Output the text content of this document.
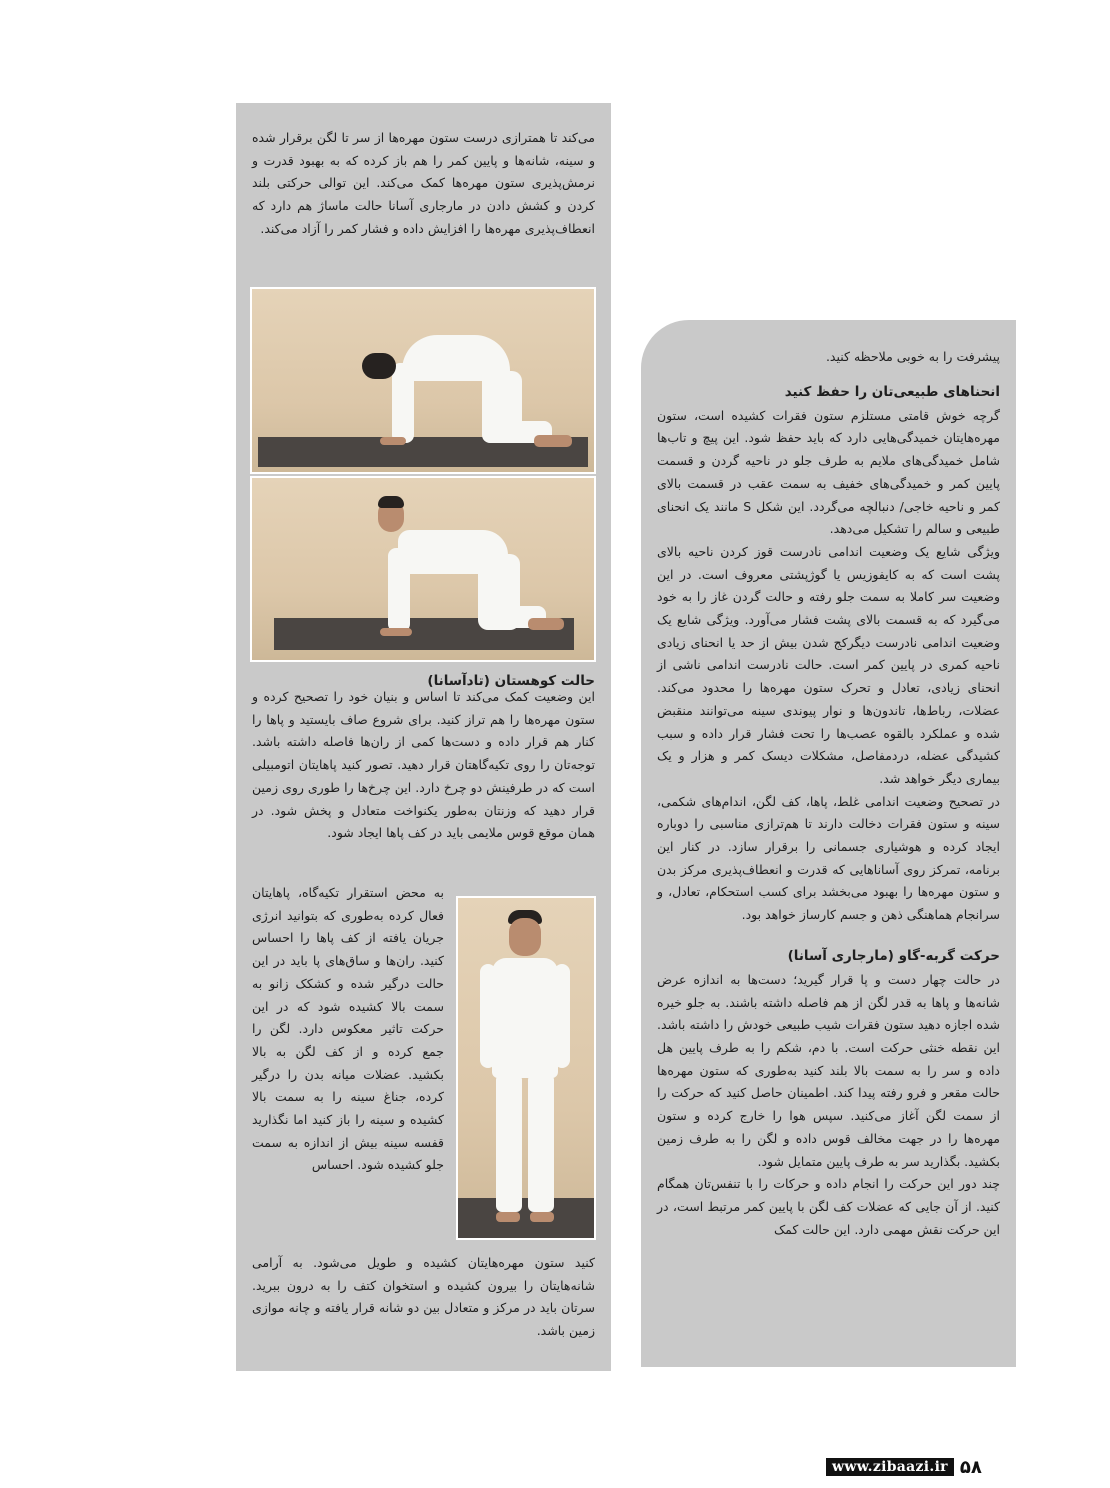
می‌کند تا همترازی درست ستون مهره‌ها از سر تا لگن برقرار شده و سینه، شانه‌ها و پایین کمر را هم باز کرده که به بهبود قدرت و نرمش‌پذیری ستون مهره‌ها کمک می‌کند. این توالی حرکتی بلند کردن و کشش دادن در مارجاری آسانا حالت ماساژ هم دارد که انعطاف‌پذیری مهره‌ها را افزایش داده و فشار کمر را آزاد می‌کند.

حالت کوهستان (تادآسانا)

این وضعیت کمک می‌کند تا اساس و بنیان خود را تصحیح کرده و ستون مهره‌ها را هم تراز کنید. برای شروع صاف بایستید و پاها را کنار هم قرار داده و دست‌ها کمی از ران‌ها فاصله داشته باشد. توجه‌تان را روی تکیه‌گاهتان قرار دهید. تصور کنید پاهایتان اتومبیلی است که در طرفینش دو چرخ دارد. این چرخ‌ها را طوری روی زمین قرار دهید که وزنتان به‌طور یکنواخت متعادل و پخش شود. در همان موقع قوس ملایمی باید در کف پاها ایجاد شود.

به محض استقرار تکیه‌گاه، پاهایتان فعال کرده به‌طوری که بتوانید انرژی جریان یافته از کف پاها را احساس کنید. ران‌ها و ساق‌های پا باید در این حالت درگیر شده و کشکک زانو به سمت بالا کشیده شود که در این حرکت تاثیر معکوس دارد. لگن را جمع کرده و از کف لگن به بالا بکشید. عضلات میانه بدن را درگیر کرده، جناغ سینه را به سمت بالا کشیده و سینه را باز کنید اما نگذارید قفسه سینه بیش از اندازه به سمت جلو کشیده شود. احساس

کنید ستون مهره‌هایتان کشیده و طویل می‌شود. به آرامی شانه‌هایتان را بیرون کشیده و استخوان کتف را به درون ببرید. سرتان باید در مرکز و متعادل بین دو شانه قرار یافته و چانه موازی زمین باشد.

پیشرفت را به خوبی ملاحظه کنید.

انحناهای طبیعی‌تان را حفظ کنید

گرچه خوش قامتی مستلزم ستون فقرات کشیده است، ستون مهره‌هایتان خمیدگی‌هایی دارد که باید حفظ شود. این پیچ و تاب‌ها شامل خمیدگی‌های ملایم به طرف جلو در ناحیه گردن و قسمت پایین کمر و خمیدگی‌های خفیف به سمت عقب در قسمت بالای کمر و ناحیه خاجی/ دنبالچه می‌گردد. این شکل S مانند یک انحنای طبیعی و سالم را تشکیل می‌دهد.

ویژگی شایع یک وضعیت اندامی نادرست قوز کردن ناحیه بالای پشت است که به کایفوزیس یا گوژپشتی معروف است. در این وضعیت سر کاملا به سمت جلو رفته و حالت گردن غاز را به خود می‌گیرد که به قسمت بالای پشت فشار می‌آورد. ویژگی شایع یک وضعیت اندامی نادرست دیگرکج شدن بیش از حد یا انحنای زیادی ناحیه کمری در پایین کمر است. حالت نادرست اندامی ناشی از انحنای زیادی، تعادل و تحرک ستون مهره‌ها را محدود می‌کند. عضلات، رباط‌ها، تاندون‌ها و نوار پیوندی سینه می‌توانند منقبض شده و عملکرد بالقوه عصب‌ها را تحت فشار قرار داده و سبب کشیدگی عضله، دردمفاصل، مشکلات دیسک کمر و هزار و یک بیماری دیگر خواهد شد.

در تصحیح وضعیت اندامی غلط، پاها، کف لگن، اندام‌های شکمی، سینه و ستون فقرات دخالت دارند تا هم‌ترازی مناسبی را دوباره ایجاد کرده و هوشیاری جسمانی را برقرار سازد. در کنار این برنامه، تمرکز روی آساناهایی که قدرت و انعطاف‌پذیری مرکز بدن و ستون مهره‌ها را بهبود می‌بخشد برای کسب استحکام، تعادل، و سرانجام هماهنگی ذهن و جسم کارساز خواهد بود.

حرکت گربه-گاو (مارجاری آسانا)

در حالت چهار دست و پا قرار گیرید؛ دست‌ها به اندازه عرض شانه‌ها و پاها به قدر لگن از هم فاصله داشته باشند. به جلو خیره شده اجازه دهید ستون فقرات شیب طبیعی خودش را داشته باشد. این نقطه خنثی حرکت است. با دم، شکم را به طرف پایین هل داده و سر را به سمت بالا بلند کنید به‌طوری که ستون مهره‌ها حالت مقعر و فرو رفته پیدا کند. اطمینان حاصل کنید که حرکت را از سمت لگن آغاز می‌کنید. سپس هوا را خارج کرده و ستون مهره‌ها را در جهت مخالف قوس داده و لگن را به طرف زمین بکشید. بگذارید سر به طرف پایین متمایل شود.

چند دور این حرکت را انجام داده و حرکات را با تنفس‌تان همگام کنید. از آن جایی که عضلات کف لگن با پایین کمر مرتبط است، در این حرکت نقش مهمی دارد. این حالت کمک

www.zibaazi.ir ۵۸
